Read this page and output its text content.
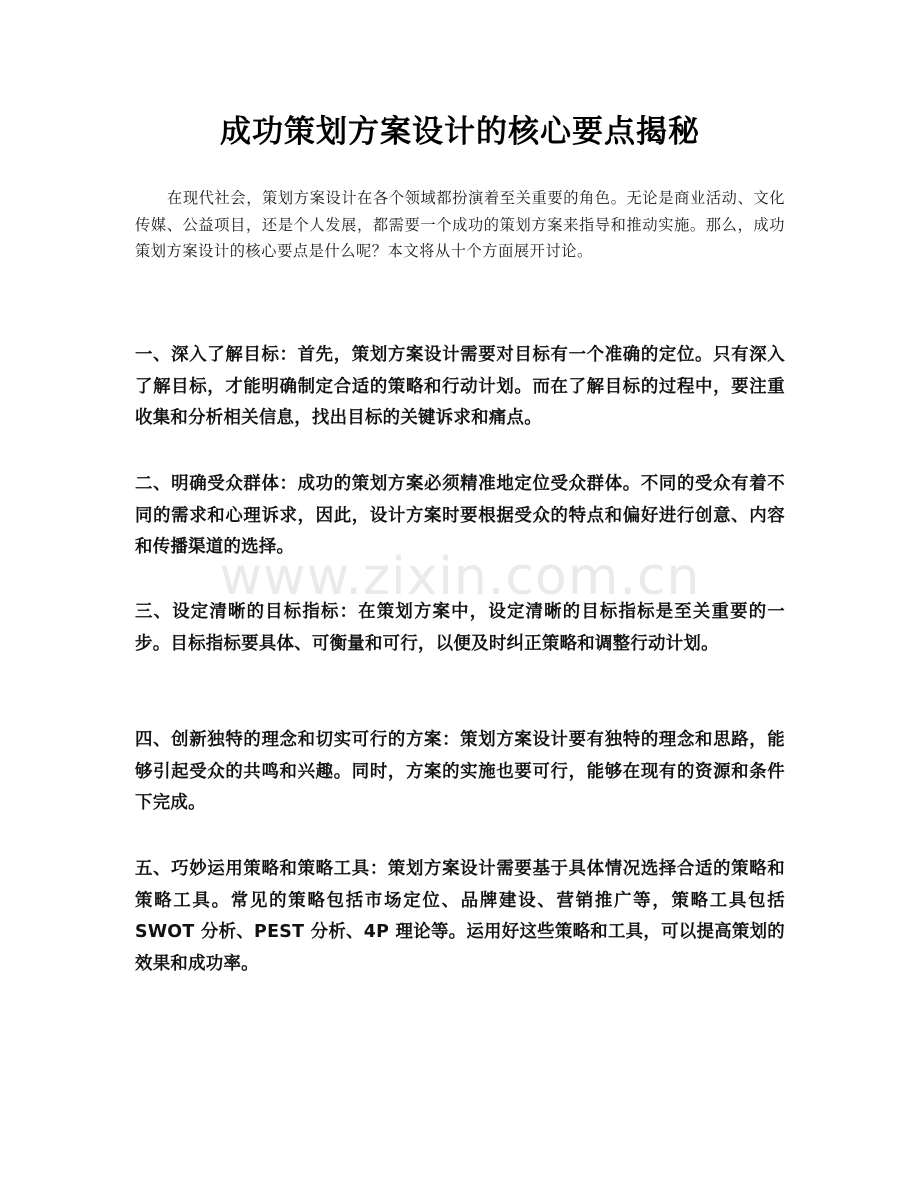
成功策划方案设计的核心要点揭秘

在现代社会，策划方案设计在各个领域都扮演着至关重要的角色。无论是商业活动、文化传媒、公益项目，还是个人发展，都需要一个成功的策划方案来指导和推动实施。那么，成功策划方案设计的核心要点是什么呢？本文将从十个方面展开讨论。

一、深入了解目标：首先，策划方案设计需要对目标有一个准确的定位。只有深入了解目标，才能明确制定合适的策略和行动计划。而在了解目标的过程中，要注重收集和分析相关信息，找出目标的关键诉求和痛点。

二、明确受众群体：成功的策划方案必须精准地定位受众群体。不同的受众有着不同的需求和心理诉求，因此，设计方案时要根据受众的特点和偏好进行创意、内容和传播渠道的选择。

三、设定清晰的目标指标：在策划方案中，设定清晰的目标指标是至关重要的一步。目标指标要具体、可衡量和可行，以便及时纠正策略和调整行动计划。

四、创新独特的理念和切实可行的方案：策划方案设计要有独特的理念和思路，能够引起受众的共鸣和兴趣。同时，方案的实施也要可行，能够在现有的资源和条件下完成。

五、巧妙运用策略和策略工具：策划方案设计需要基于具体情况选择合适的策略和策略工具。常见的策略包括市场定位、品牌建设、营销推广等，策略工具包括 SWOT 分析、PEST 分析、4P 理论等。运用好这些策略和工具，可以提高策划的效果和成功率。

www.zixin.com.cn
